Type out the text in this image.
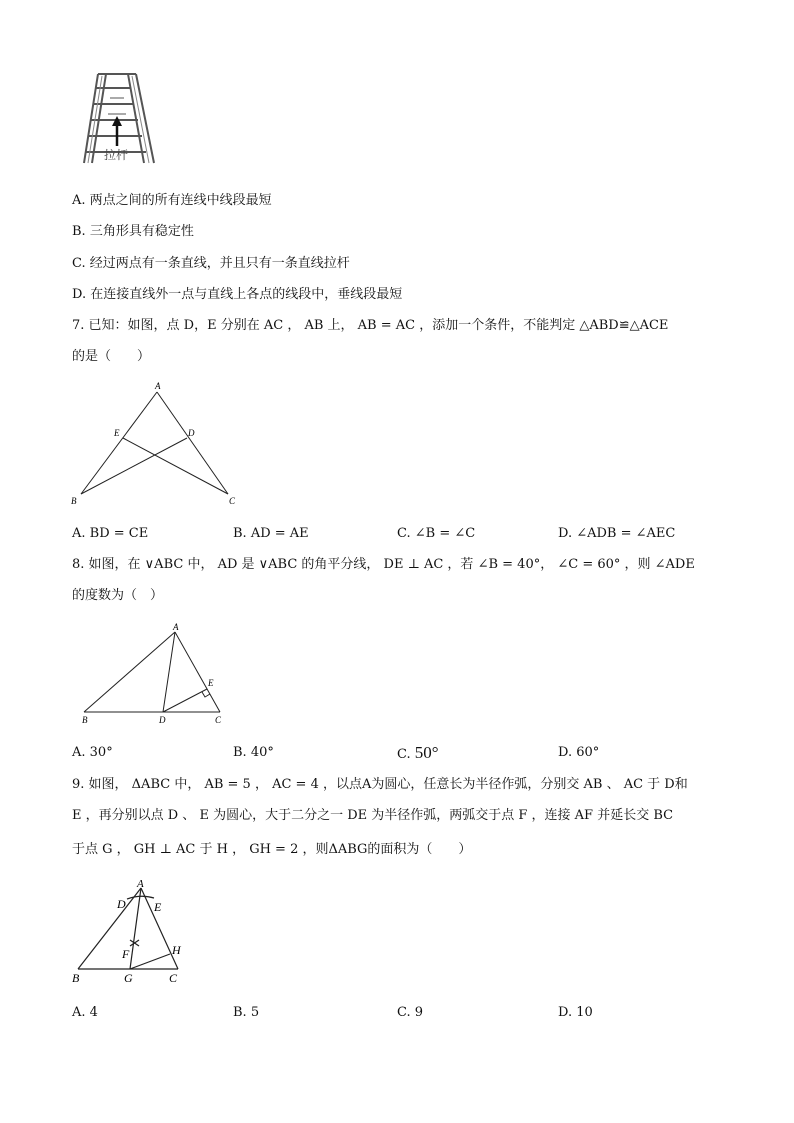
拉杆
A. 两点之间的所有连线中线段最短
B. 三角形具有稳定性
C. 经过两点有一条直线，并且只有一条直线拉杆
D. 在连接直线外一点与直线上各点的线段中，垂线段最短
7. 已知：如图，点 D，E 分别在 AC ， AB 上， AB = AC ，添加一个条件，不能判定 △ABD≌△ACE
的是（　　）
A
E	D
B	C
A. BD = CE	B. AD = AE	C. ∠B = ∠C	D. ∠ADB = ∠AEC
8. 如图，在 ∨ABC 中， AD 是 ∨ABC 的角平分线， DE ⊥ AC ，若 ∠B = 40°， ∠C = 60° ，则 ∠ADE
的度数为（　）
A
E
B	D	C
A. 30°	B. 40°	C. 50°	D. 60°
9. 如图， ΔABC 中， AB = 5 ， AC = 4 ，以点A为圆心，任意长为半径作弧，分别交 AB 、 AC 于 D和
E ，再分别以点 D 、 E 为圆心，大于二分之一 DE 为半径作弧，两弧交于点 F ，连接 AF 并延长交 BC
于点 G ， GH ⊥ AC 于 H ， GH = 2 ，则ΔABG的面积为（　　）
A
D E
F	H
B	G	C
A. 4	B. 5	C. 9	D. 10
